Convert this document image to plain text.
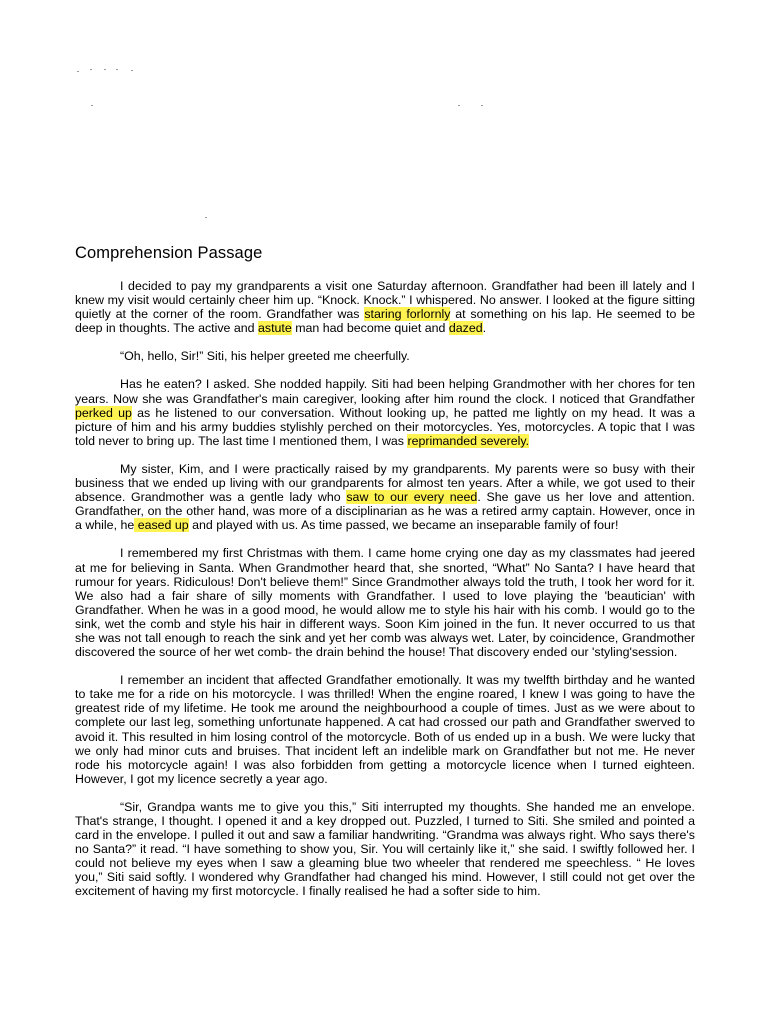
Comprehension Passage

I decided to pay my grandparents a visit one Saturday afternoon. Grandfather had been ill lately and I knew my visit would certainly cheer him up. “Knock. Knock.” I whispered. No answer. I looked at the figure sitting quietly at the corner of the room. Grandfather was staring forlornly at something on his lap. He seemed to be deep in thoughts. The active and astute man had become quiet and dazed.

“Oh, hello, Sir!” Siti, his helper greeted me cheerfully.

Has he eaten? I asked. She nodded happily. Siti had been helping Grandmother with her chores for ten years. Now she was Grandfather's main caregiver, looking after him round the clock. I noticed that Grandfather perked up as he listened to our conversation. Without looking up, he patted me lightly on my head. It was a picture of him and his army buddies stylishly perched on their motorcycles. Yes, motorcycles. A topic that I was told never to bring up. The last time I mentioned them, I was reprimanded severely.

My sister, Kim, and I were practically raised by my grandparents. My parents were so busy with their business that we ended up living with our grandparents for almost ten years. After a while, we got used to their absence. Grandmother was a gentle lady who saw to our every need. She gave us her love and attention. Grandfather, on the other hand, was more of a disciplinarian as he was a retired army captain. However, once in a while, he eased up and played with us. As time passed, we became an inseparable family of four!

I remembered my first Christmas with them. I came home crying one day as my classmates had jeered at me for believing in Santa. When Grandmother heard that, she snorted, “What” No Santa? I have heard that rumour for years. Ridiculous! Don't believe them!” Since Grandmother always told the truth, I took her word for it. We also had a fair share of silly moments with Grandfather. I used to love playing the 'beautician' with Grandfather. When he was in a good mood, he would allow me to style his hair with his comb. I would go to the sink, wet the comb and style his hair in different ways. Soon Kim joined in the fun. It never occurred to us that she was not tall enough to reach the sink and yet her comb was always wet. Later, by coincidence, Grandmother discovered the source of her wet comb- the drain behind the house! That discovery ended our 'styling'session.

I remember an incident that affected Grandfather emotionally. It was my twelfth birthday and he wanted to take me for a ride on his motorcycle. I was thrilled! When the engine roared, I knew I was going to have the greatest ride of my lifetime. He took me around the neighbourhood a couple of times. Just as we were about to complete our last leg, something unfortunate happened. A cat had crossed our path and Grandfather swerved to avoid it. This resulted in him losing control of the motorcycle. Both of us ended up in a bush. We were lucky that we only had minor cuts and bruises. That incident left an indelible mark on Grandfather but not me. He never rode his motorcycle again! I was also forbidden from getting a motorcycle licence when I turned eighteen. However, I got my licence secretly a year ago.

“Sir, Grandpa wants me to give you this,” Siti interrupted my thoughts. She handed me an envelope. That's strange, I thought. I opened it and a key dropped out. Puzzled, I turned to Siti. She smiled and pointed a card in the envelope. I pulled it out and saw a familiar handwriting. “Grandma was always right. Who says there's no Santa?” it read. “I have something to show you, Sir. You will certainly like it,” she said. I swiftly followed her. I could not believe my eyes when I saw a gleaming blue two wheeler that rendered me speechless. “ He loves you,” Siti said softly. I wondered why Grandfather had changed his mind. However, I still could not get over the excitement of having my first motorcycle. I finally realised he had a softer side to him.
